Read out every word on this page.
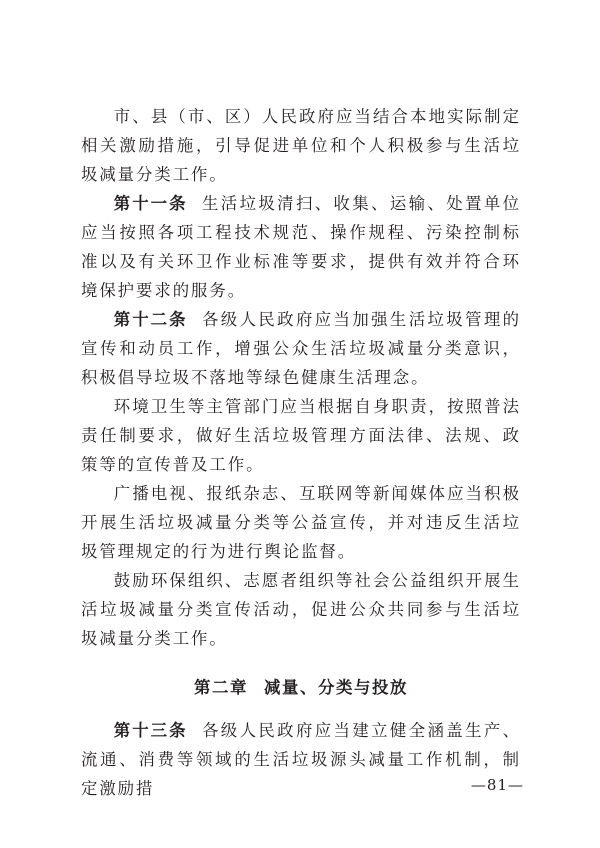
市、县（市、区）人民政府应当结合本地实际制定相关激励措施，引导促进单位和个人积极参与生活垃圾减量分类工作。

第十一条 生活垃圾清扫、收集、运输、处置单位应当按照各项工程技术规范、操作规程、污染控制标准以及有关环卫作业标准等要求，提供有效并符合环境保护要求的服务。

第十二条 各级人民政府应当加强生活垃圾管理的宣传和动员工作，增强公众生活垃圾减量分类意识，积极倡导垃圾不落地等绿色健康生活理念。

环境卫生等主管部门应当根据自身职责，按照普法责任制要求，做好生活垃圾管理方面法律、法规、政策等的宣传普及工作。

广播电视、报纸杂志、互联网等新闻媒体应当积极开展生活垃圾减量分类等公益宣传，并对违反生活垃圾管理规定的行为进行舆论监督。

鼓励环保组织、志愿者组织等社会公益组织开展生活垃圾减量分类宣传活动，促进公众共同参与生活垃圾减量分类工作。

第二章 减量、分类与投放

第十三条 各级人民政府应当建立健全涵盖生产、流通、消费等领域的生活垃圾源头减量工作机制，制定激励措	—81—
